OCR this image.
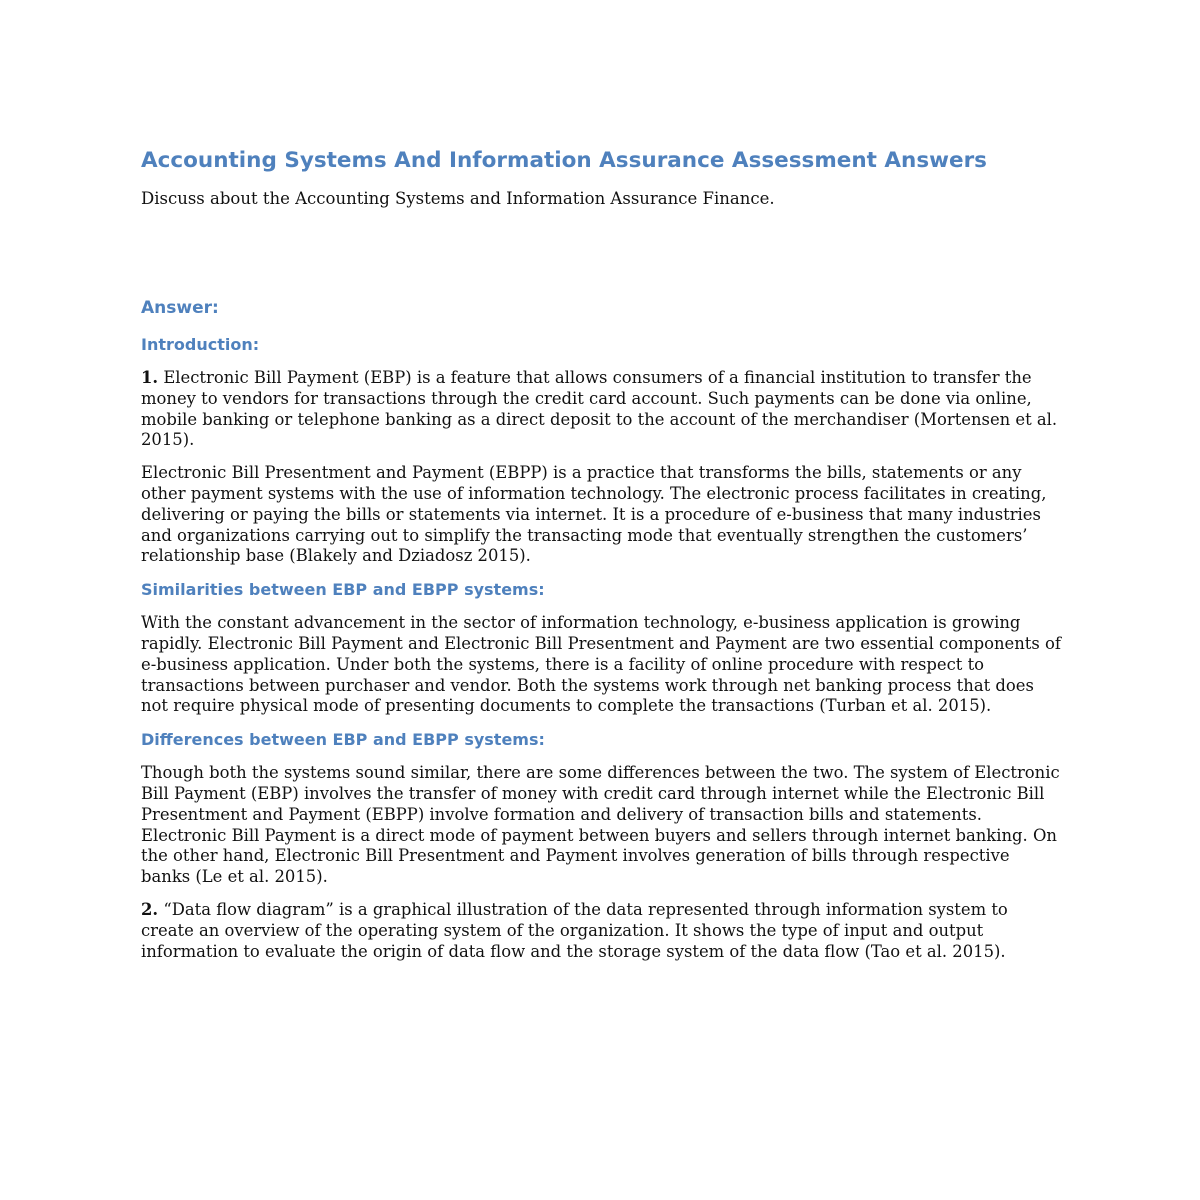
Accounting Systems And Information Assurance Assessment Answers

Discuss about the Accounting Systems and Information Assurance Finance.

Answer:
Introduction:

1. Electronic Bill Payment (EBP) is a feature that allows consumers of a financial institution to transfer the money to vendors for transactions through the credit card account. Such payments can be done via online, mobile banking or telephone banking as a direct deposit to the account of the merchandiser (Mortensen et al. 2015).

Electronic Bill Presentment and Payment (EBPP) is a practice that transforms the bills, statements or any other payment systems with the use of information technology. The electronic process facilitates in creating, delivering or paying the bills or statements via internet. It is a procedure of e-business that many industries and organizations carrying out to simplify the transacting mode that eventually strengthen the customers’ relationship base (Blakely and Dziadosz 2015).

Similarities between EBP and EBPP systems:

With the constant advancement in the sector of information technology, e-business application is growing rapidly. Electronic Bill Payment and Electronic Bill Presentment and Payment are two essential components of e-business application. Under both the systems, there is a facility of online procedure with respect to transactions between purchaser and vendor. Both the systems work through net banking process that does not require physical mode of presenting documents to complete the transactions (Turban et al. 2015).

Differences between EBP and EBPP systems:

Though both the systems sound similar, there are some differences between the two. The system of Electronic Bill Payment (EBP) involves the transfer of money with credit card through internet while the Electronic Bill Presentment and Payment (EBPP) involve formation and delivery of transaction bills and statements. Electronic Bill Payment is a direct mode of payment between buyers and sellers through internet banking. On the other hand, Electronic Bill Presentment and Payment involves generation of bills through respective banks (Le et al. 2015).

2. “Data flow diagram” is a graphical illustration of the data represented through information system to create an overview of the operating system of the organization. It shows the type of input and output information to evaluate the origin of data flow and the storage system of the data flow (Tao et al. 2015).
